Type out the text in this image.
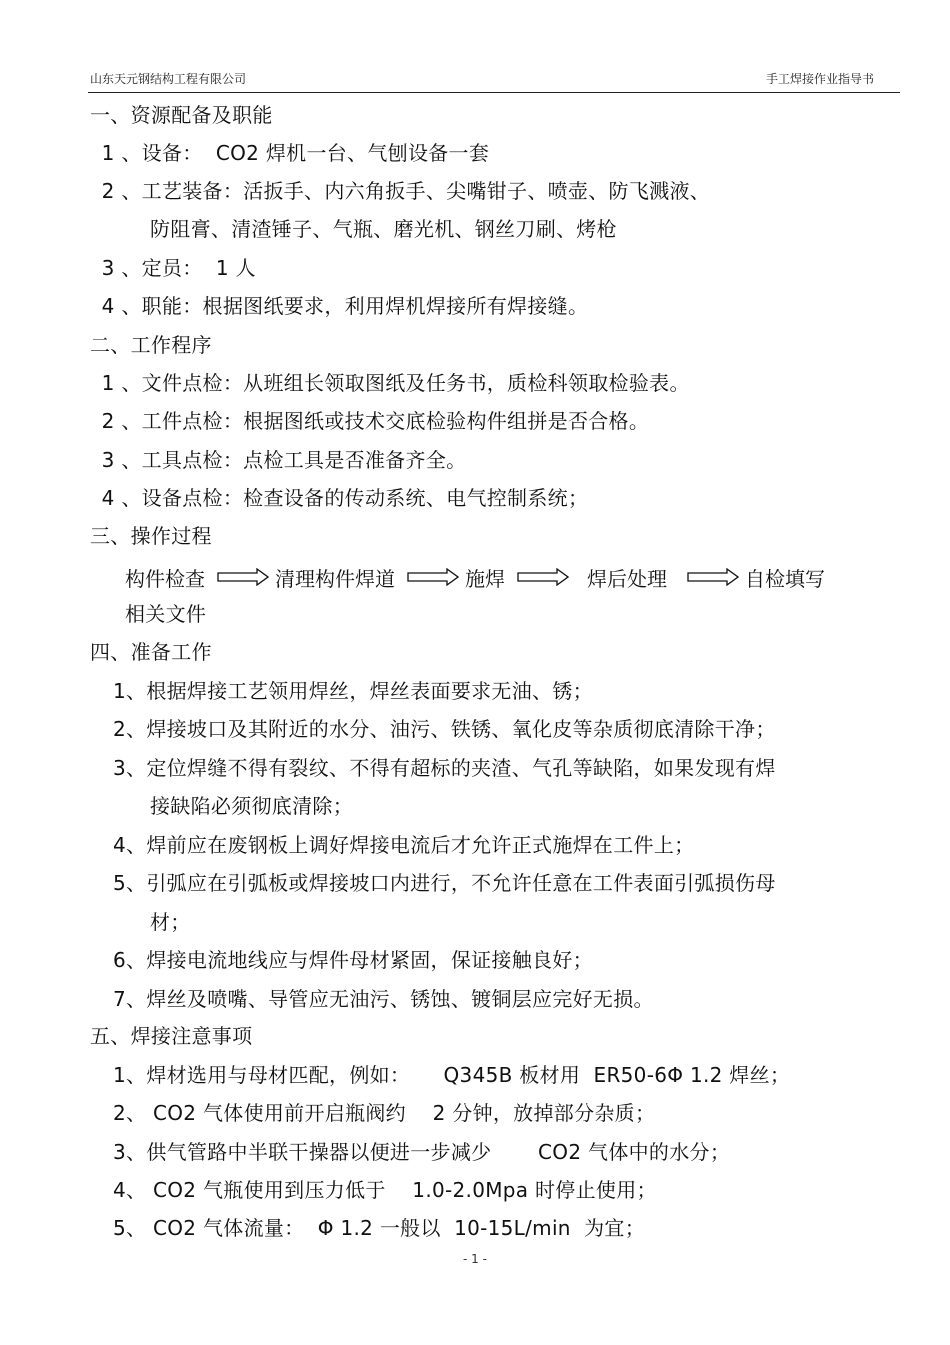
山东天元钢结构工程有限公司	手工焊接作业指导书
一、资源配备及职能
1 、设备：  CO2 焊机一台、气刨设备一套
2 、工艺装备：活扳手、内六角扳手、尖嘴钳子、喷壶、防飞溅液、
防阻膏、清渣锤子、气瓶、磨光机、钢丝刀刷、烤枪
3 、定员：  1 人
4 、职能：根据图纸要求，利用焊机焊接所有焊接缝。
二、工作程序
1 、文件点检：从班组长领取图纸及任务书，质检科领取检验表。
2 、工件点检：根据图纸或技术交底检验构件组拼是否合格。
3 、工具点检：点检工具是否准备齐全。
4 、设备点检：检查设备的传动系统、电气控制系统；
三、操作过程
构件检查	清理构件焊道	施焊	焊后处理	自检填写
相关文件
四、准备工作
1、根据焊接工艺领用焊丝，焊丝表面要求无油、锈；
2、焊接坡口及其附近的水分、油污、铁锈、氧化皮等杂质彻底清除干净；
3、定位焊缝不得有裂纹、不得有超标的夹渣、气孔等缺陷，如果发现有焊
接缺陷必须彻底清除；
4、焊前应在废钢板上调好焊接电流后才允许正式施焊在工件上；
5、引弧应在引弧板或焊接坡口内进行，不允许任意在工件表面引弧损伤母
材；
6、焊接电流地线应与焊件母材紧固，保证接触良好；
7、焊丝及喷嘴、导管应无油污、锈蚀、镀铜层应完好无损。
五、焊接注意事项
1、焊材选用与母材匹配，例如：     Q345B 板材用  ER50-6Φ 1.2 焊丝；
2、 CO2 气体使用前开启瓶阀约    2 分钟，放掉部分杂质；
3、供气管路中半联干操器以便进一步减少       CO2 气体中的水分；
4、 CO2 气瓶使用到压力低于    1.0-2.0Mpa 时停止使用；
5、 CO2 气体流量：  Φ 1.2 一般以  10-15L/min  为宜；
- 1 -
